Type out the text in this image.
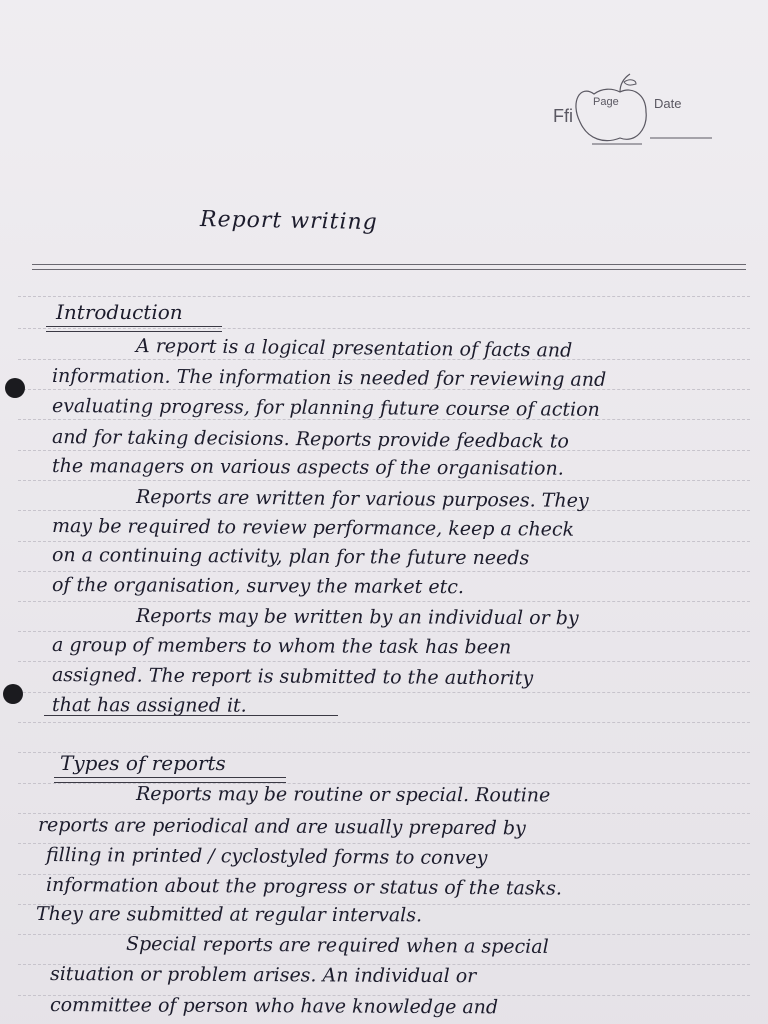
Ffi
Page	Date
Report writing
Introduction
A report is a logical presentation of facts and
information. The information is needed for reviewing and
evaluating progress, for planning future course of action
and for taking decisions. Reports provide feedback to
the managers on various aspects of the organisation.
Reports are written for various purposes. They
may be required to review performance, keep a check
on a continuing activity, plan for the future needs
of the organisation, survey the market etc.
Reports may be written by an individual or by
a group of members to whom the task has been
assigned. The report is submitted to the authority
that has assigned it.
Types of reports
Reports may be routine or special. Routine
reports are periodical and are usually prepared by
filling in printed / cyclostyled forms to convey
information about the progress or status of the tasks.
They are submitted at regular intervals.
Special reports are required when a special
situation or problem arises. An individual or
committee of person who have knowledge and
